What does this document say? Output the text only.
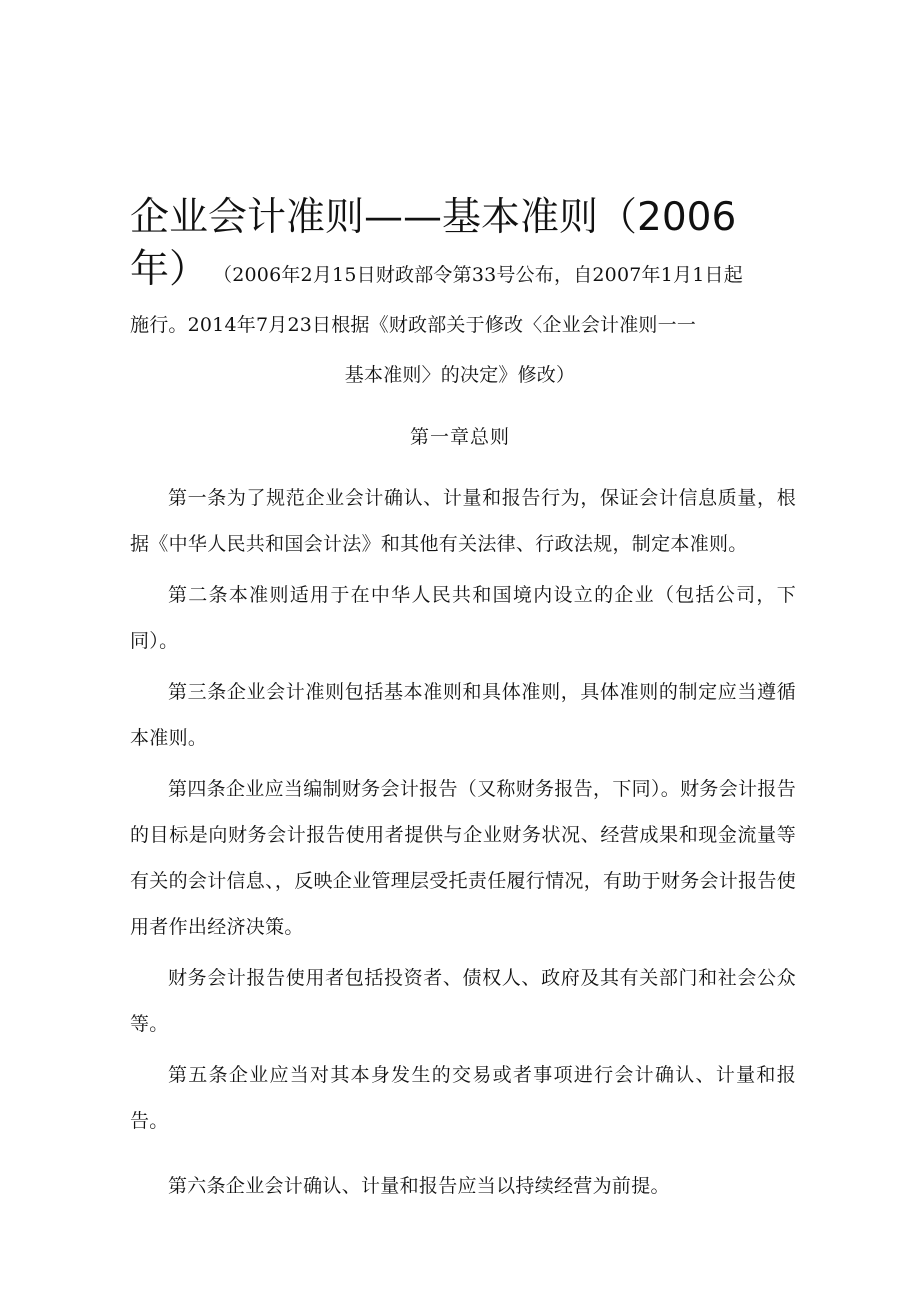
企业会计准则——基本准则（2006
年） （2006年2月15日财政部令第33号公布，自2007年1月1日起
施行。2014年7月23日根据《财政部关于修改〈企业会计准则一一
基本准则〉的决定》修改）
第一章总则

第一条为了规范企业会计确认、计量和报告行为，保证会计信息质量，根据《中华人民共和国会计法》和其他有关法律、行政法规，制定本准则。

第二条本准则适用于在中华人民共和国境内设立的企业（包括公司，下同）。

第三条企业会计准则包括基本准则和具体准则，具体准则的制定应当遵循本准则。

第四条企业应当编制财务会计报告（又称财务报告，下同）。财务会计报告的目标是向财务会计报告使用者提供与企业财务状况、经营成果和现金流量等有关的会计信息、，反映企业管理层受托责任履行情况，有助于财务会计报告使用者作出经济决策。

财务会计报告使用者包括投资者、债权人、政府及其有关部门和社会公众等。

第五条企业应当对其本身发生的交易或者事项进行会计确认、计量和报告。

第六条企业会计确认、计量和报告应当以持续经营为前提。
